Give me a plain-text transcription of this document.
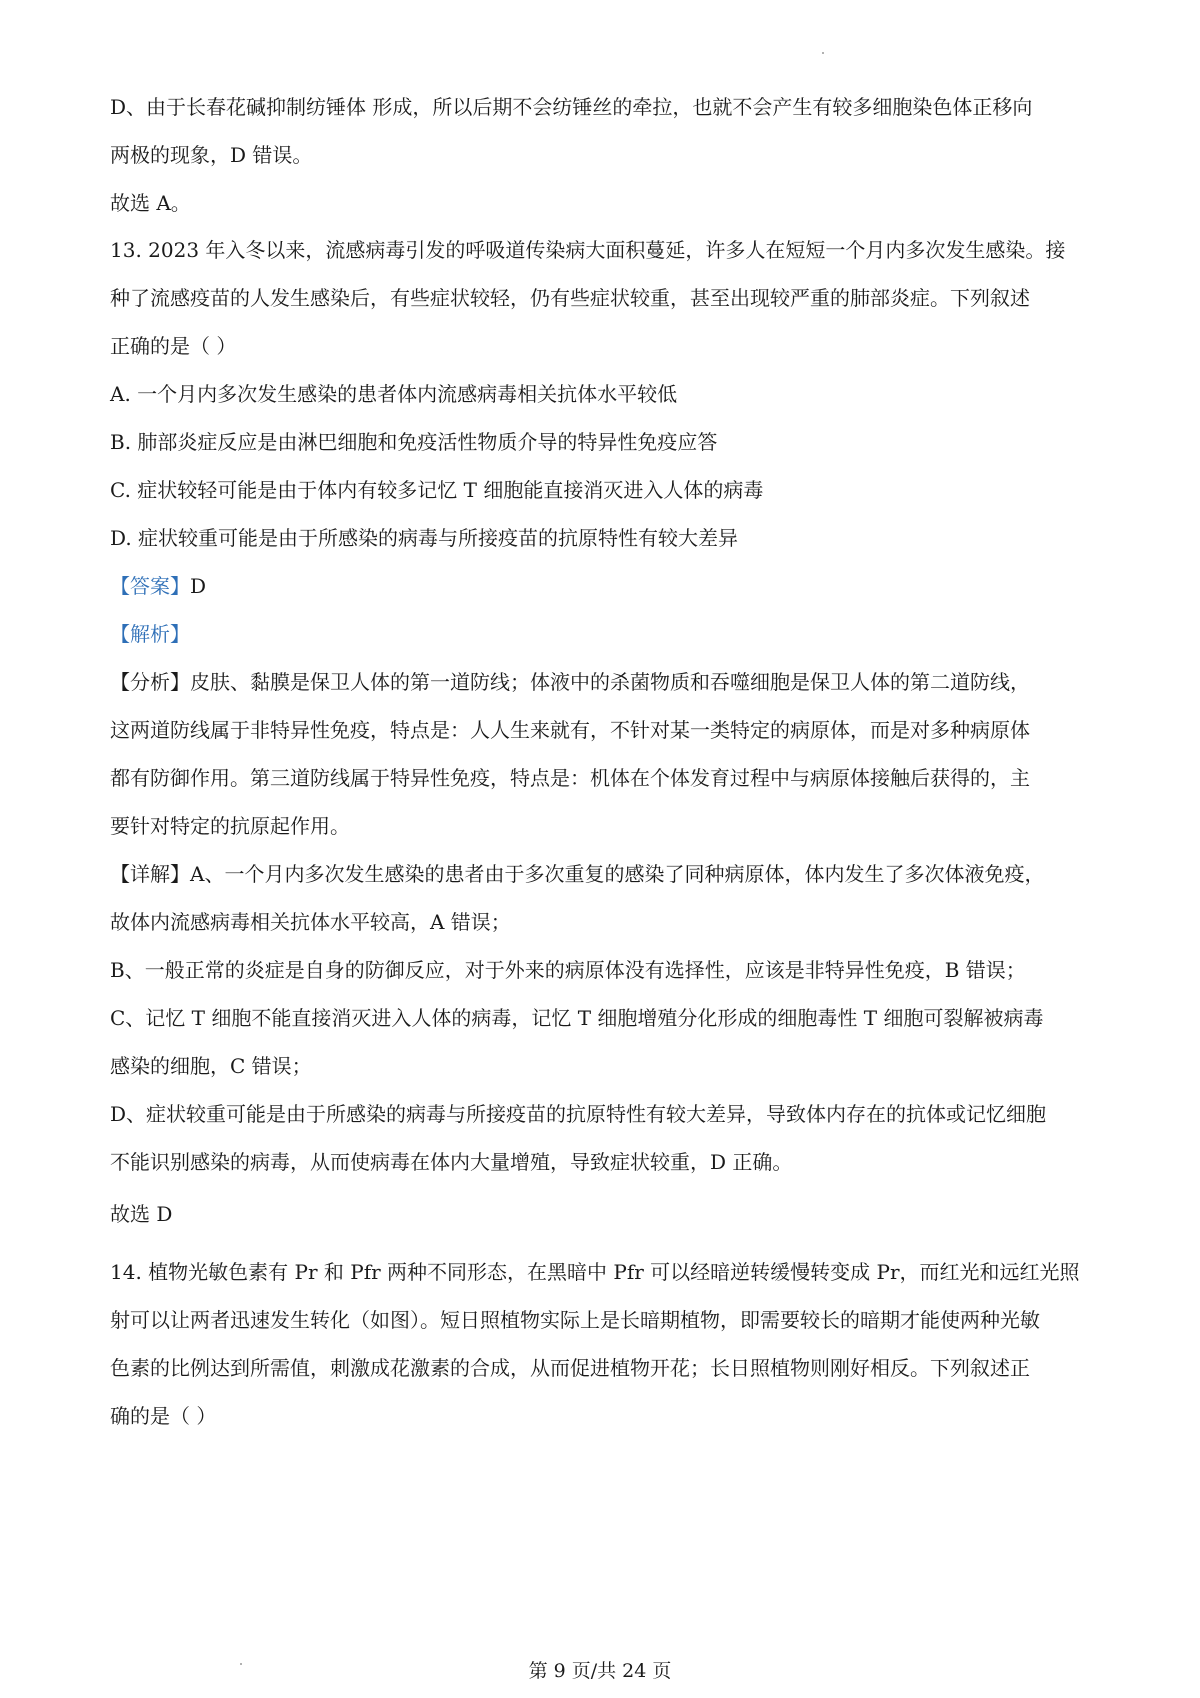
D、由于长春花碱抑制纺锤体 形成，所以后期不会纺锤丝的牵拉，也就不会产生有较多细胞染色体正移向
两极的现象，D 错误。
故选 A。
13. 2023 年入冬以来，流感病毒引发的呼吸道传染病大面积蔓延，许多人在短短一个月内多次发生感染。接
种了流感疫苗的人发生感染后，有些症状较轻，仍有些症状较重，甚至出现较严重的肺部炎症。下列叙述
正确的是（ ）
A. 一个月内多次发生感染的患者体内流感病毒相关抗体水平较低
B. 肺部炎症反应是由淋巴细胞和免疫活性物质介导的特异性免疫应答
C. 症状较轻可能是由于体内有较多记忆 T 细胞能直接消灭进入人体的病毒
D. 症状较重可能是由于所感染的病毒与所接疫苗的抗原特性有较大差异
【答案】D
【解析】
【分析】皮肤、黏膜是保卫人体的第一道防线；体液中的杀菌物质和吞噬细胞是保卫人体的第二道防线，
这两道防线属于非特异性免疫，特点是：人人生来就有，不针对某一类特定的病原体，而是对多种病原体
都有防御作用。第三道防线属于特异性免疫，特点是：机体在个体发育过程中与病原体接触后获得的，主
要针对特定的抗原起作用。
【详解】A、一个月内多次发生感染的患者由于多次重复的感染了同种病原体，体内发生了多次体液免疫，
故体内流感病毒相关抗体水平较高，A 错误；
B、一般正常的炎症是自身的防御反应，对于外来的病原体没有选择性，应该是非特异性免疫，B 错误；
C、记忆 T 细胞不能直接消灭进入人体的病毒，记忆 T 细胞增殖分化形成的细胞毒性 T 细胞可裂解被病毒
感染的细胞，C 错误；
D、症状较重可能是由于所感染的病毒与所接疫苗的抗原特性有较大差异，导致体内存在的抗体或记忆细胞
不能识别感染的病毒，从而使病毒在体内大量增殖，导致症状较重，D 正确。
故选 D
14. 植物光敏色素有 Pr 和 Pfr 两种不同形态，在黑暗中 Pfr 可以经暗逆转缓慢转变成 Pr，而红光和远红光照
射可以让两者迅速发生转化（如图）。短日照植物实际上是长暗期植物，即需要较长的暗期才能使两种光敏
色素的比例达到所需值，刺激成花激素的合成，从而促进植物开花；长日照植物则刚好相反。下列叙述正
确的是（ ）
第 9 页/共 24 页
